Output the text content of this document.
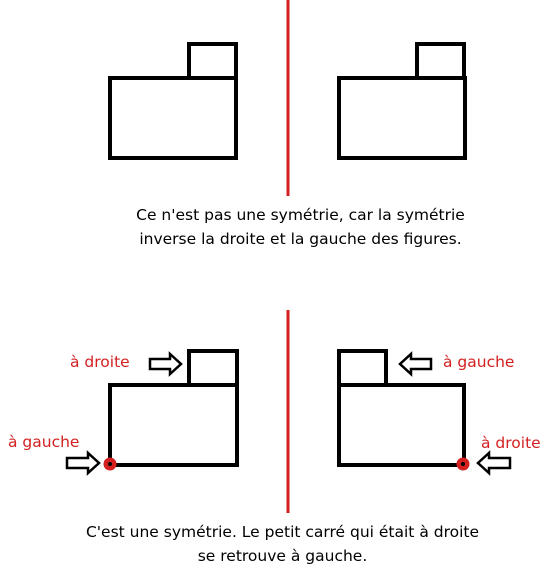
à droite
à gauche
à gauche
à droite
Ce n'est pas une symétrie, car la symétrie
inverse la droite et la gauche des figures.
C'est une symétrie. Le petit carré qui était à droite
se retrouve à gauche.
